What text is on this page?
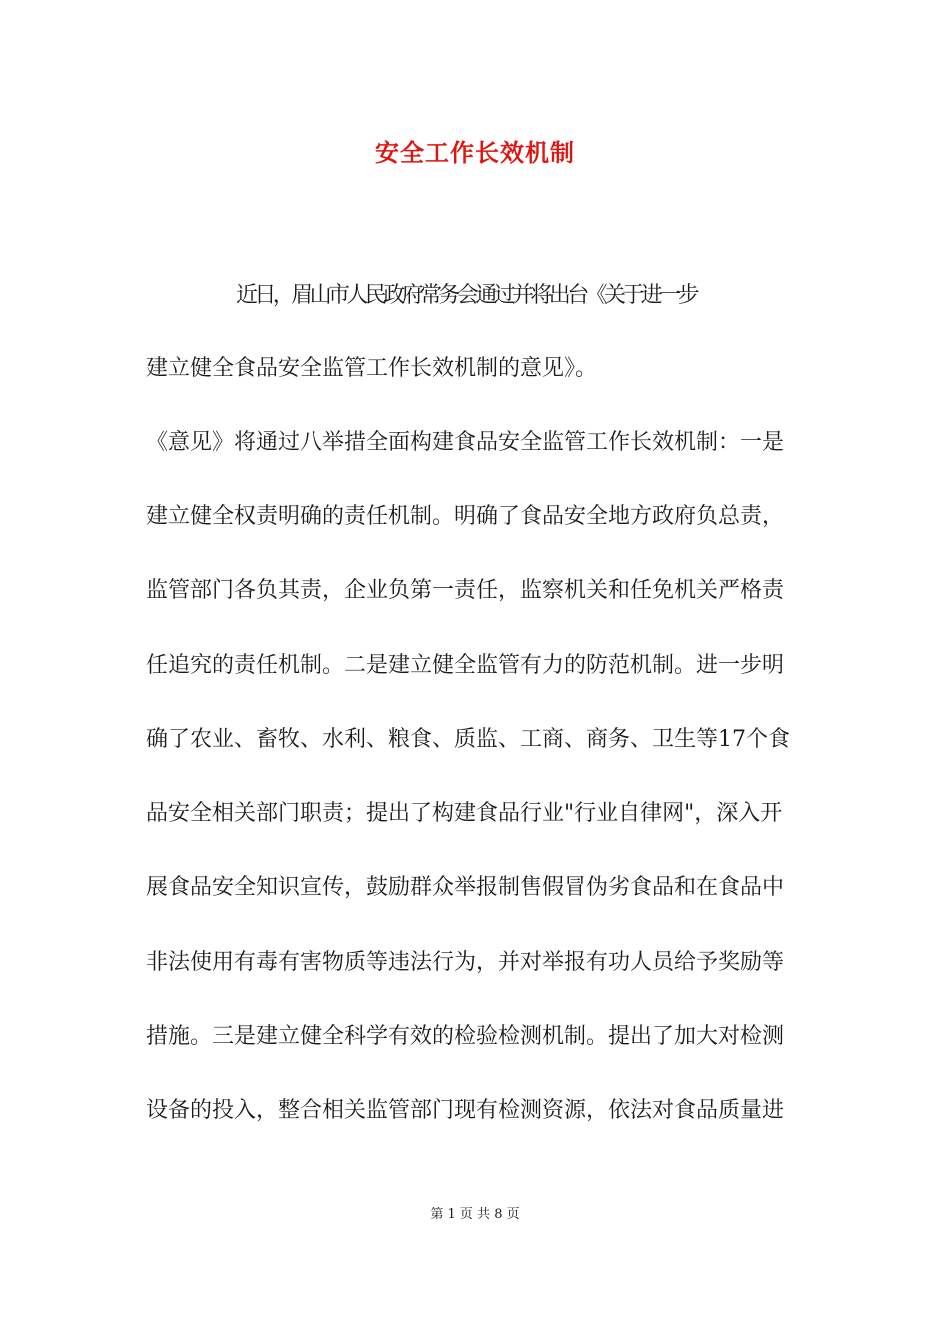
安全工作长效机制
近日，眉山市人民政府常务会通过并将出台《关于进一步
建立健全食品安全监管工作长效机制的意见》。
《意见》将通过八举措全面构建食品安全监管工作长效机制：一是
建立健全权责明确的责任机制。明确了食品安全地方政府负总责，
监管部门各负其责，企业负第一责任，监察机关和任免机关严格责
任追究的责任机制。二是建立健全监管有力的防范机制。进一步明
确了农业、畜牧、水利、粮食、质监、工商、商务、卫生等17个食
品安全相关部门职责；提出了构建食品行业"行业自律网"，深入开
展食品安全知识宣传，鼓励群众举报制售假冒伪劣食品和在食品中
非法使用有毒有害物质等违法行为，并对举报有功人员给予奖励等
措施。三是建立健全科学有效的检验检测机制。提出了加大对检测
设备的投入，整合相关监管部门现有检测资源，依法对食品质量进
第 1 页 共 8 页
